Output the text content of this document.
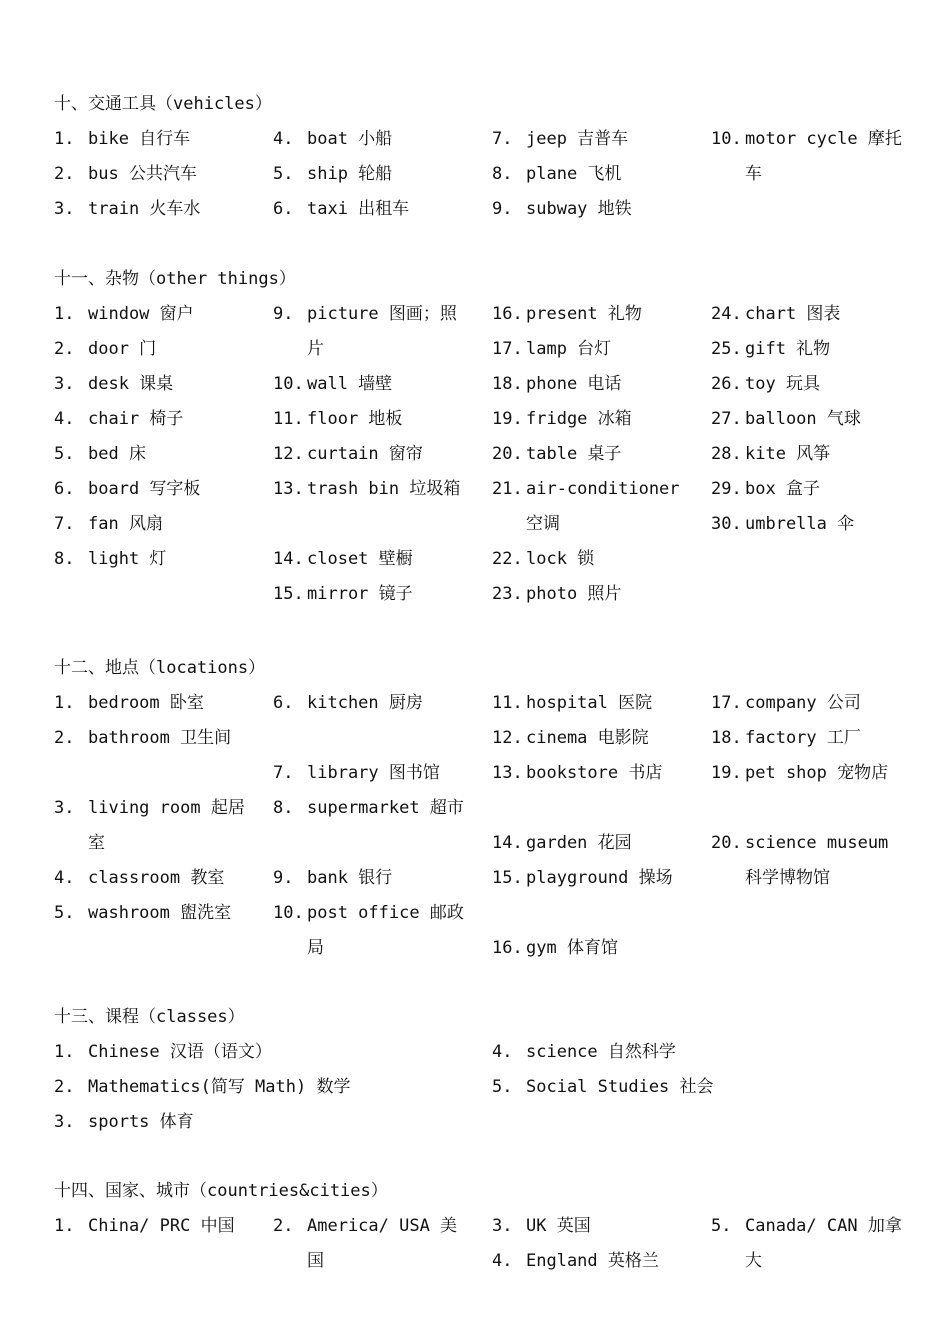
十、交通工具（vehicles）
1. bike 自行车
2. bus 公共汽车
3. train 火车水
4. boat 小船
5. ship 轮船
6. taxi 出租车
7. jeep 吉普车
8. plane 飞机
9. subway 地铁
10. motor cycle 摩托车
十一、杂物（other things）
1. window 窗户
2. door 门
3. desk 课桌
4. chair 椅子
5. bed 床
6. board 写字板
7. fan 风扇
8. light 灯
9. picture 图画；照片
10. wall 墙壁
11. floor 地板
12. curtain 窗帘
13. trash bin 垃圾箱
14. closet 壁橱
15. mirror 镜子
16. present 礼物
17. lamp 台灯
18. phone 电话
19. fridge 冰箱
20. table 桌子
21. air-conditioner 空调
22. lock 锁
23. photo 照片
24. chart 图表
25. gift 礼物
26. toy 玩具
27. balloon 气球
28. kite 风筝
29. box 盒子
30. umbrella 伞
十二、地点（locations）
1. bedroom 卧室
2. bathroom 卫生间
3. living room 起居室
4. classroom 教室
5. washroom 盥洗室
6. kitchen 厨房
7. library 图书馆
8. supermarket 超市
9. bank 银行
10. post office 邮政局
11. hospital 医院
12. cinema 电影院
13. bookstore 书店
14. garden 花园
15. playground 操场
16. gym 体育馆
17. company 公司
18. factory 工厂
19. pet shop 宠物店
20. science museum 科学博物馆
十三、课程（classes）
1. Chinese 汉语（语文）
2. Mathematics(简写 Math) 数学
3. sports 体育
4. science 自然科学
5. Social Studies 社会
十四、国家、城市（countries&cities）
1. China/ PRC 中国	2. America/ USA 美国
3. UK 英国
4. England 英格兰
5. Canada/ CAN 加拿大
